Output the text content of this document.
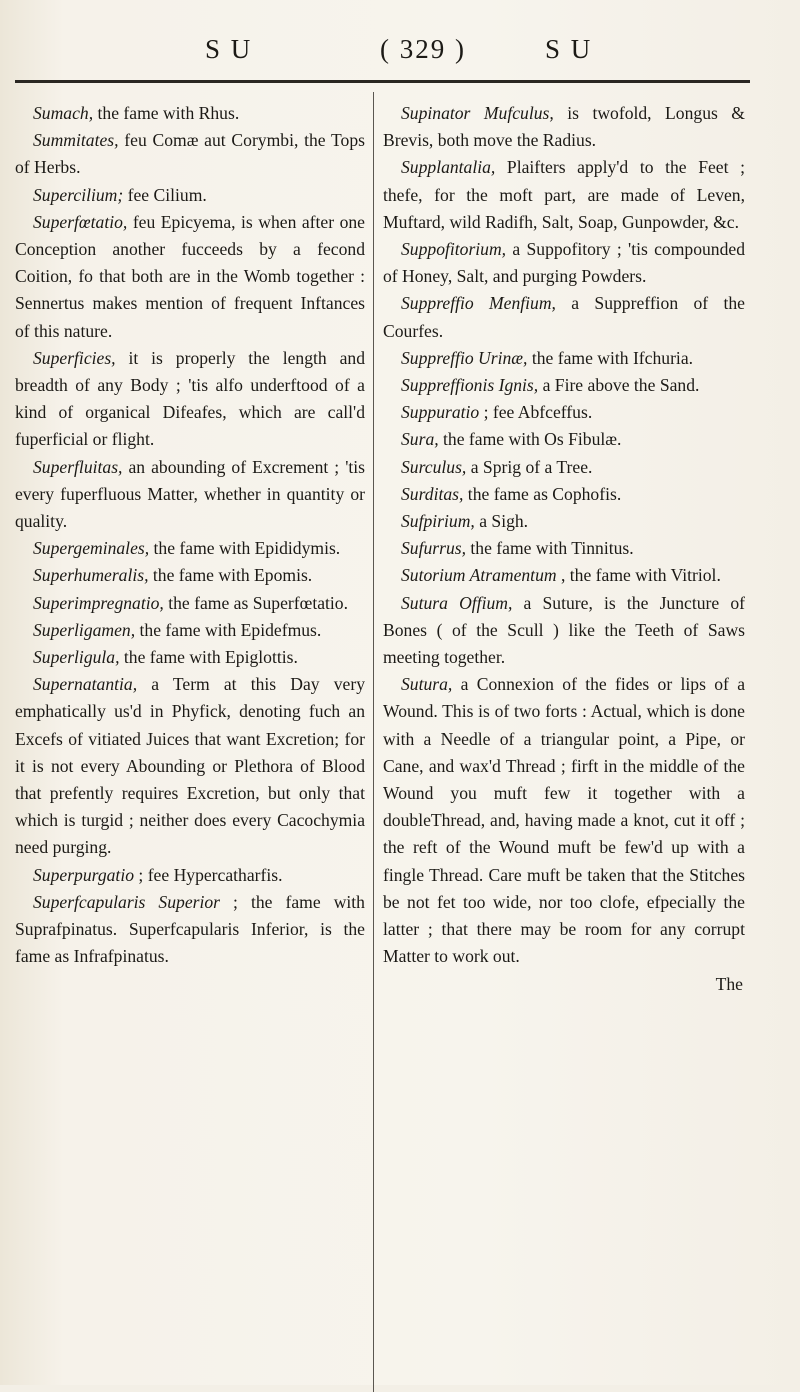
S U	( 329 )	S U

Sumach, the fame with Rhus.

Summitates, feu Comæ aut Corymbi, the Tops of Herbs.

Supercilium; fee Cilium.

Superfœtatio, feu Epicyema, is when after one Conception another fucceeds by a fecond Coition, fo that both are in the Womb together : Sennertus makes mention of frequent Inftances of this nature.

Superficies, it is properly the length and breadth of any Body ; 'tis alfo underftood of a kind of organical Difeafes, which are call'd fuperficial or flight.

Superfluitas, an abounding of Excrement ; 'tis every fuperfluous Matter, whether in quantity or quality.

Supergeminales, the fame with Epididymis.

Superhumeralis, the fame with Epomis.

Superimpregnatio, the fame as Superfœtatio.

Superligamen, the fame with Epidefmus.

Superligula, the fame with Epiglottis.

Supernatantia, a Term at this Day very emphatically us'd in Phyfick, denoting fuch an Excefs of vitiated Juices that want Excretion; for it is not every Abounding or Plethora of Blood that prefently requires Excretion, but only that which is turgid ; neither does every Cacochymia need purging.

Superpurgatio ; fee Hypercatharfis.

Superfcapularis Superior ; the fame with Suprafpinatus. Superfcapularis Inferior, is the fame as Infrafpinatus.

Supinator Mufculus, is twofold, Longus & Brevis, both move the Radius.

Supplantalia, Plaifters apply'd to the Feet ; thefe, for the moft part, are made of Leven, Muftard, wild Radifh, Salt, Soap, Gunpowder, &c.

Suppofitorium, a Suppofitory ; 'tis compounded of Honey, Salt, and purging Powders.

Suppreffio Menfium, a Suppreffion of the Courfes.

Suppreffio Urinæ, the fame with Ifchuria.

Suppreffionis Ignis, a Fire above the Sand.

Suppuratio ; fee Abfceffus.

Sura, the fame with Os Fibulæ.

Surculus, a Sprig of a Tree.

Surditas, the fame as Cophofis.

Sufpirium, a Sigh.

Sufurrus, the fame with Tinnitus.

Sutorium Atramentum , the fame with Vitriol.

Sutura Offium, a Suture, is the Juncture of Bones ( of the Scull ) like the Teeth of Saws meeting together.

Sutura, a Connexion of the fides or lips of a Wound. This is of two forts : Actual, which is done with a Needle of a triangular point, a Pipe, or Cane, and wax'd Thread ; firft in the middle of the Wound you muft few it together with a doubleThread, and, having made a knot, cut it off ; the reft of the Wound muft be few'd up with a fingle Thread. Care muft be taken that the Stitches be not fet too wide, nor too clofe, efpecially the latter ; that there may be room for any corrupt Matter to work out.

The
